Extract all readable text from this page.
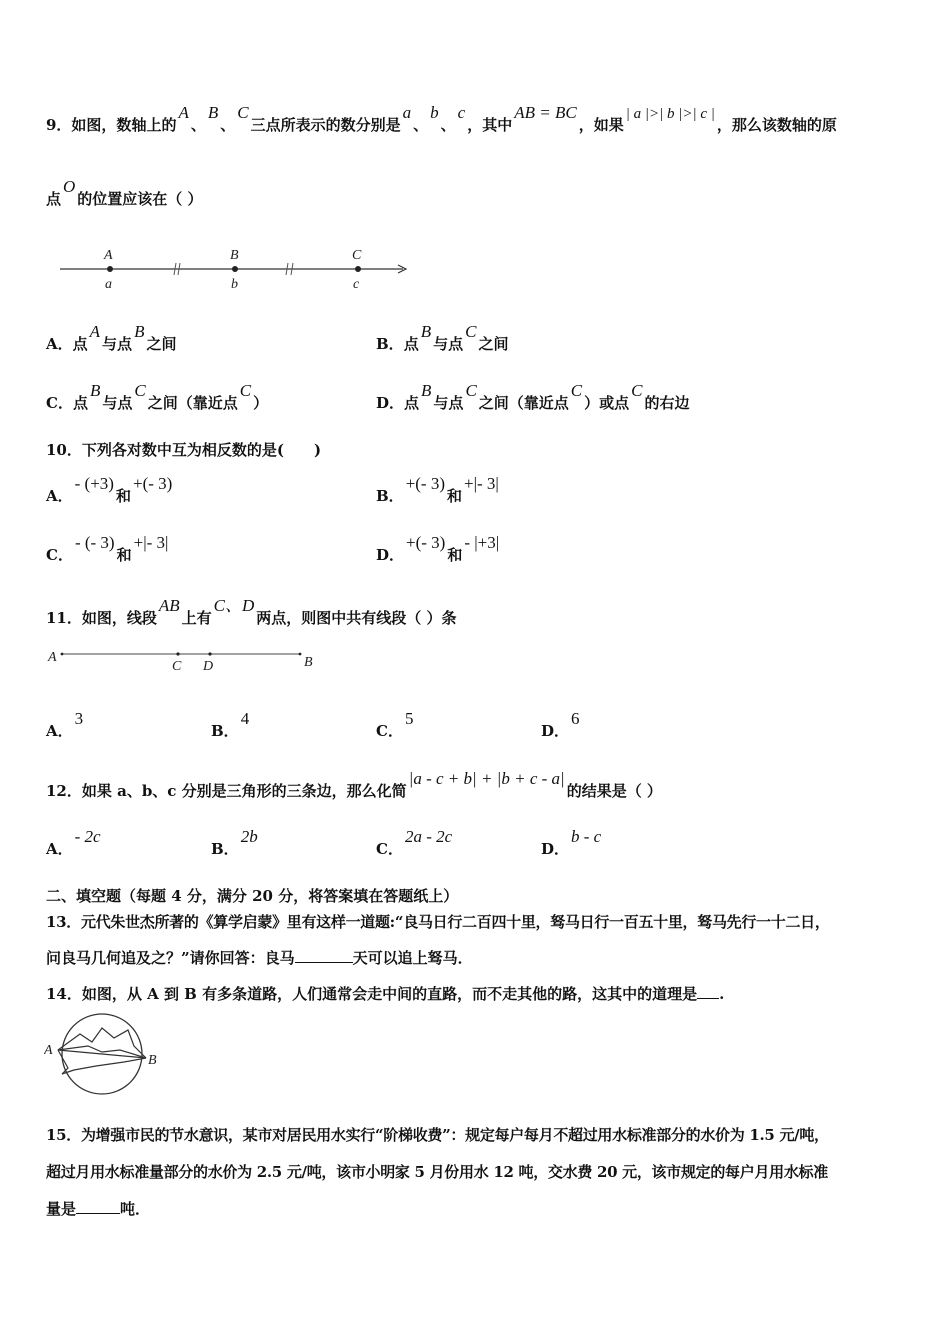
9．如图，数轴上的A、B、C三点所表示的数分别是a、b、c，其中AB = BC，如果| a |>| b |>| c |，那么该数轴的原
点O的位置应该在（ ）
A	B	C
a	b	c
A．点A与点B之间	B．点B与点C之间
C．点B与点C之间（靠近点C）	D．点B与点C之间（靠近点C）或点C的右边
10．下列各对数中互为相反数的是(　　)
A．- (+3)和+(- 3)
B．+(- 3)和+|- 3|
C．- (- 3)和+|- 3|
D．+(- 3)和- |+3|
11．如图，线段AB上有C、D两点，则图中共有线段（ ）条
A
C D	B
A．3
B．4
C．5
D．6
12．如果 a、b、c 分别是三角形的三条边，那么化简|a - c + b| + |b + c - a|的结果是（ ）
A．- 2c
B．2b
C．2a - 2c
D．b - c
二、填空题（每题 4 分，满分 20 分，将答案填在答题纸上）
13．元代朱世杰所著的《算学启蒙》里有这样一道题:“良马日行二百四十里，驽马日行一百五十里，驽马先行一十二日，
问良马几何追及之？”请你回答：良马	天可以追上驽马．
14．如图，从 A 到 B 有多条道路，人们通常会走中间的直路，而不走其他的路，这其中的道理是 .
A
B
15．为增强市民的节水意识，某市对居民用水实行“阶梯收费”：规定每户每月不超过用水标准部分的水价为 1.5 元/吨，
超过月用水标准量部分的水价为 2.5 元/吨，该市小明家 5 月份用水 12 吨，交水费 20 元，该市规定的每户月用水标准
量是	吨．
